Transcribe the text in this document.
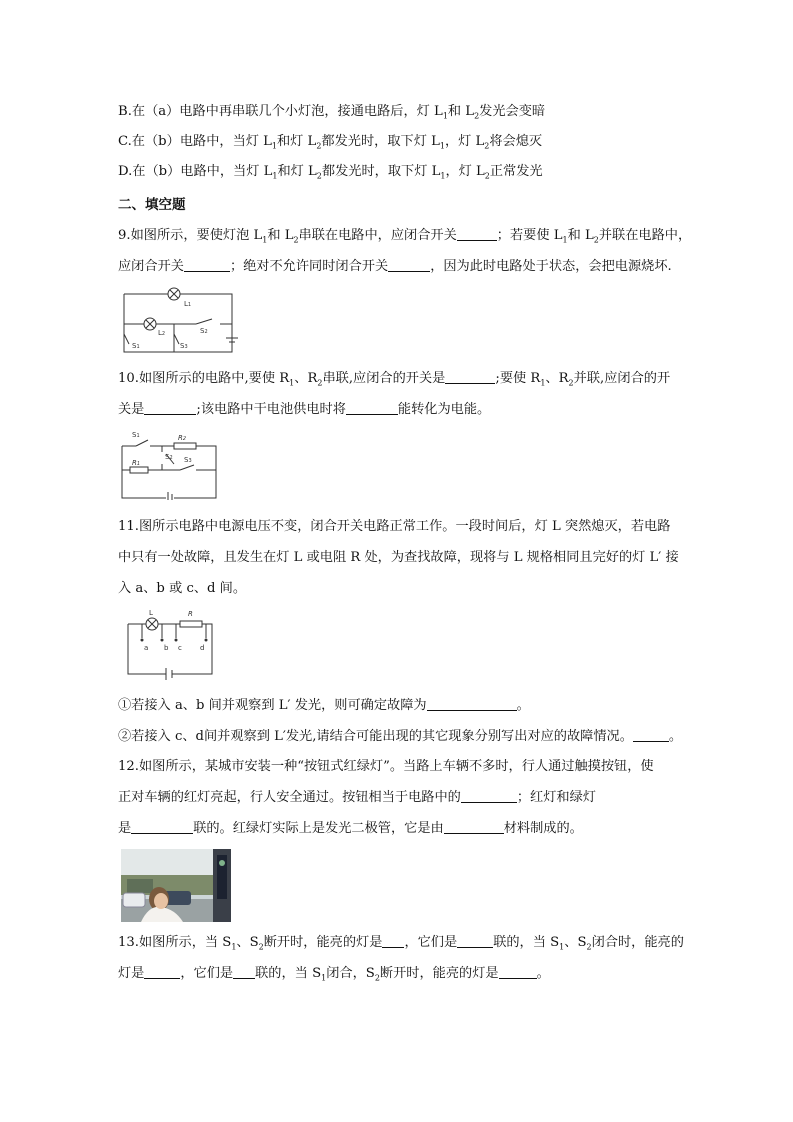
B.在（a）电路中再串联几个小灯泡，接通电路后，灯 $L_1$和 $L_2$发光会变暗
C.在（b）电路中，当灯 $L_1$和灯 $L_2$都发光时，取下灯 $L_1$，灯 $L_2$将会熄灭
D.在（b）电路中，当灯 $L_1$和灯 $L_2$都发光时，取下灯 $L_1$，灯 $L_2$正常发光
二、填空题
9.如图所示，要使灯泡 $L_1$和 $L_2$串联在电路中，应闭合开关	；若要使 $L_1$和 $L_2$并联在电路中，
应闭合开关	；绝对不允许同时闭合开关	，因为此时电路处于状态，会把电源烧坏.
L1
L2
S1
S2
S3
10.如图所示的电路中,要使 $R_1$、$R_2$串联,应闭合的开关是	;要使 $R_1$、$R_2$并联,应闭合的开
关是	;该电路中干电池供电时将	能转化为电能。
S1	R2
R1
S2 S3
11.图所示电路中电源电压不变，闭合开关电路正常工作。一段时间后，灯 L 突然熄灭，若电路
中只有一处故障，且发生在灯 L 或电阻 R 处，为查找故障，现将与 L 规格相同且完好的灯 L′ 接
入 a、b 或 c、d 间。
L	R
a b c	d
①若接入 a、b 间并观察到 L′ 发光，则可确定故障为	。
②若接入 c、d间并观察到 L′发光,请结合可能出现的其它现象分别写出对应的故障情况。	。
12.如图所示，某城市安装一种“按钮式红绿灯”。当路上车辆不多时，行人通过触摸按钮，使
正对车辆的红灯亮起，行人安全通过。按钮相当于电路中的	；红灯和绿灯
是	联的。红绿灯实际上是发光二极管，它是由	材料制成的。
13.如图所示，当 $S_1$、$S_2$断开时，能亮的灯是 ，它们是	联的，当 $S_1$、$S_2$闭合时，能亮的
灯是	，它们是 联的，当 $S_1$闭合，$S_2$断开时，能亮的灯是	。
